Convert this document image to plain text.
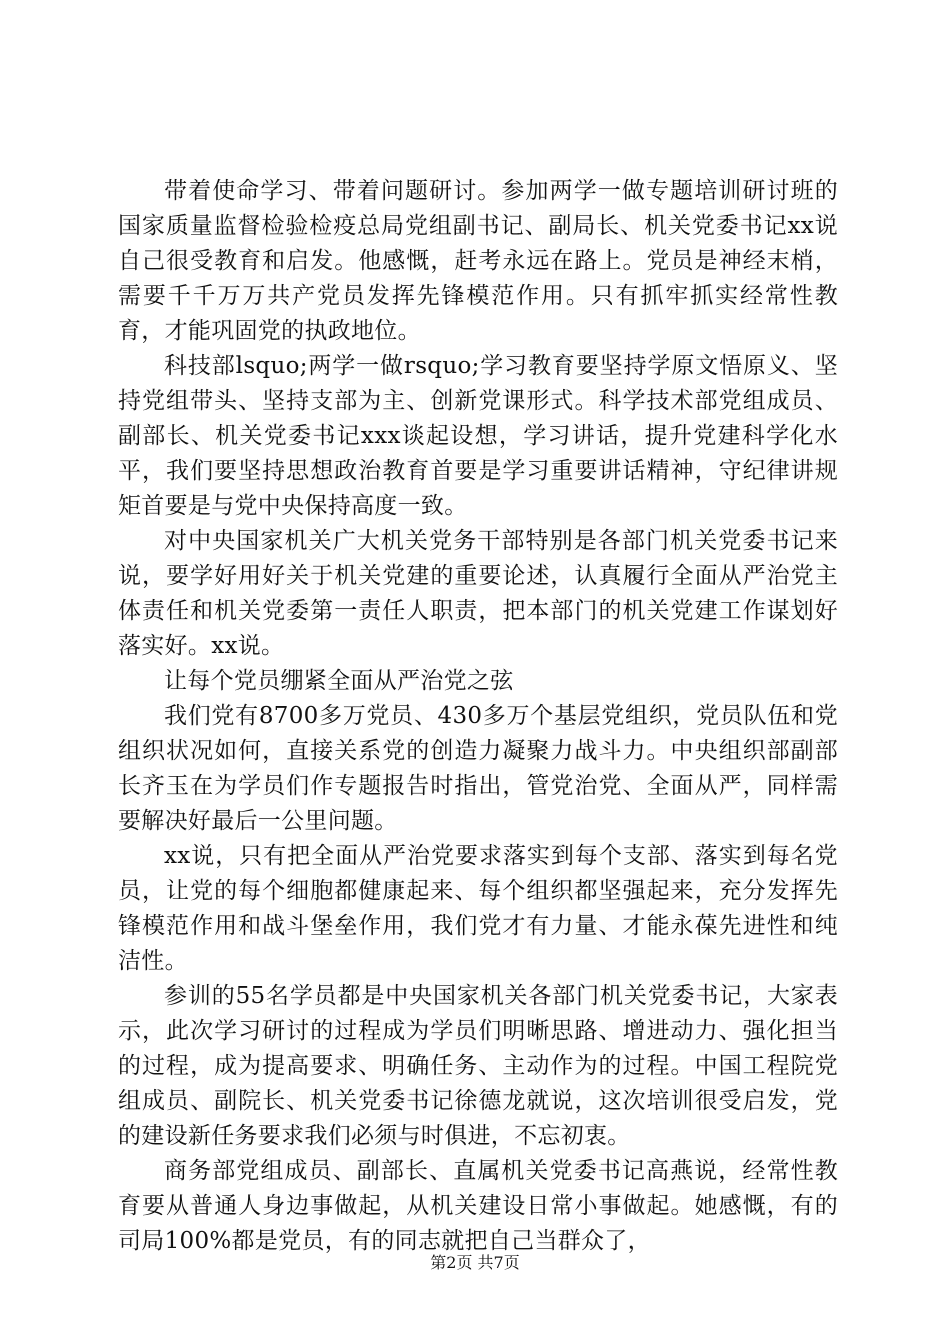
带着使命学习、带着问题研讨。参加两学一做专题培训研讨班的国家质量监督检验检疫总局党组副书记、副局长、机关党委书记xx说自己很受教育和启发。他感慨，赶考永远在路上。党员是神经末梢，需要千千万万共产党员发挥先锋模范作用。只有抓牢抓实经常性教育，才能巩固党的执政地位。

科技部lsquo;两学一做rsquo;学习教育要坚持学原文悟原义、坚持党组带头、坚持支部为主、创新党课形式。科学技术部党组成员、副部长、机关党委书记xxx谈起设想，学习讲话，提升党建科学化水平，我们要坚持思想政治教育首要是学习重要讲话精神，守纪律讲规矩首要是与党中央保持高度一致。

对中央国家机关广大机关党务干部特别是各部门机关党委书记来说，要学好用好关于机关党建的重要论述，认真履行全面从严治党主体责任和机关党委第一责任人职责，把本部门的机关党建工作谋划好落实好。xx说。

让每个党员绷紧全面从严治党之弦

我们党有8700多万党员、430多万个基层党组织，党员队伍和党组织状况如何，直接关系党的创造力凝聚力战斗力。中央组织部副部长齐玉在为学员们作专题报告时指出，管党治党、全面从严，同样需要解决好最后一公里问题。

xx说，只有把全面从严治党要求落实到每个支部、落实到每名党员，让党的每个细胞都健康起来、每个组织都坚强起来，充分发挥先锋模范作用和战斗堡垒作用，我们党才有力量、才能永葆先进性和纯洁性。

参训的55名学员都是中央国家机关各部门机关党委书记，大家表示，此次学习研讨的过程成为学员们明晰思路、增进动力、强化担当的过程，成为提高要求、明确任务、主动作为的过程。中国工程院党组成员、副院长、机关党委书记徐德龙就说，这次培训很受启发，党的建设新任务要求我们必须与时俱进，不忘初衷。

商务部党组成员、副部长、直属机关党委书记高燕说，经常性教育要从普通人身边事做起，从机关建设日常小事做起。她感慨，有的司局100%都是党员，有的同志就把自己当群众了，

第2页 共7页
